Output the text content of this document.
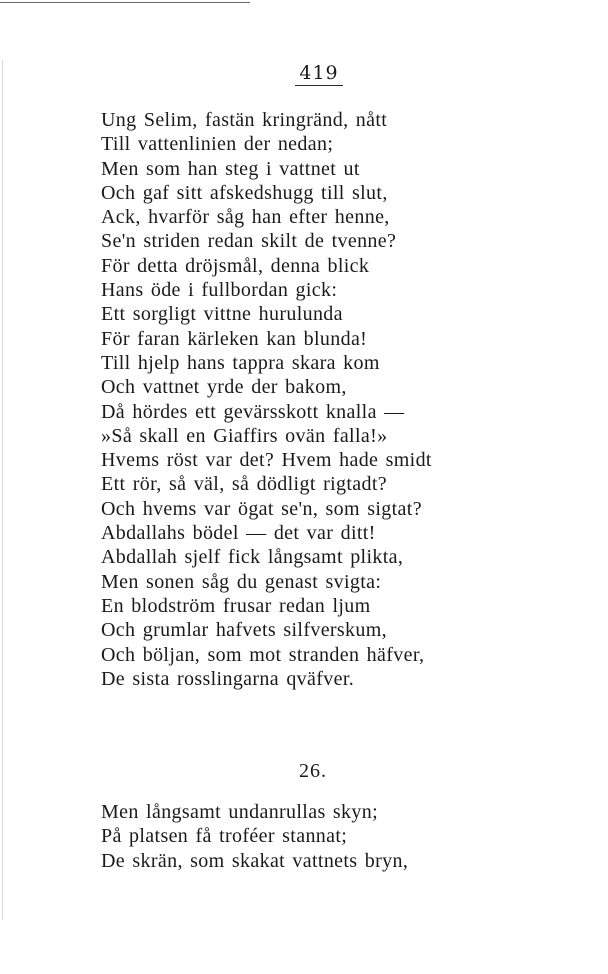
419
Ung Selim, fastän kringränd, nått
Till vattenlinien der nedan;
Men som han steg i vattnet ut
Och gaf sitt afskedshugg till slut,
Ack, hvarför såg han efter henne,
Se'n striden redan skilt de tvenne?
För detta dröjsmål, denna blick
Hans öde i fullbordan gick:
Ett sorgligt vittne hurulunda
För faran kärleken kan blunda!
Till hjelp hans tappra skara kom
Och vattnet yrde der bakom,
Då hördes ett gevärsskott knalla —
»Så skall en Giaffirs ovän falla!»
Hvems röst var det? Hvem hade smidt
Ett rör, så väl, så dödligt rigtadt?
Och hvems var ögat se'n, som sigtat?
Abdallahs bödel — det var ditt!
Abdallah sjelf fick långsamt plikta,
Men sonen såg du genast svigta:
En blodström frusar redan ljum
Och grumlar hafvets silfverskum,
Och böljan, som mot stranden häfver,
De sista rosslingarna qväfver.
26.
Men långsamt undanrullas skyn;
På platsen få troféer stannat;
De skrän, som skakat vattnets bryn,
